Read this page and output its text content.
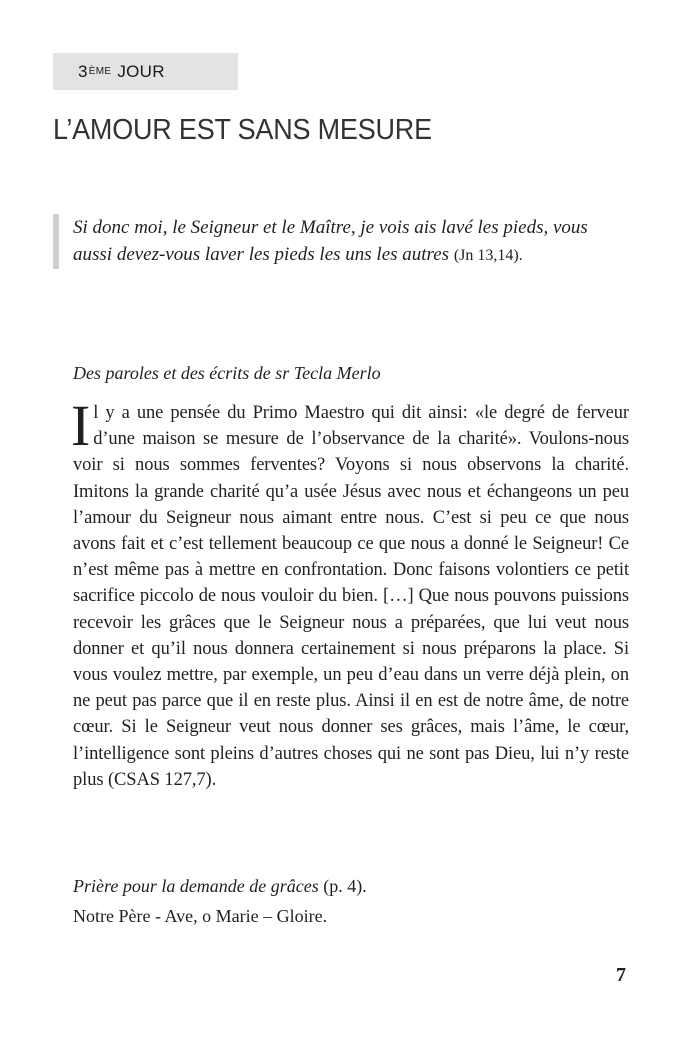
3 ÈME JOUR
L’AMOUR EST SANS MESURE
Si donc moi, le Seigneur et le Maître, je vois ais lavé les pieds, vous aussi devez-vous laver les pieds les uns les autres (Jn 13,14).
Des paroles et des écrits de sr Tecla Merlo
Il y a une pensée du Primo Maestro qui dit ainsi: «le degré de ferveur d’une maison se mesure de l’observance de la charité». Voulons-nous voir si nous sommes ferventes? Voyons si nous observons la charité. Imitons la grande charité qu’a usée Jésus avec nous et échangeons un peu l’amour du Seigneur nous aimant entre nous. C’est si peu ce que nous avons fait et c’est tellement beaucoup ce que nous a donné le Seigneur! Ce n’est même pas à mettre en confrontation. Donc faisons volontiers ce petit sacrifice piccolo de nous vouloir du bien. […] Que nous pouvons puissions recevoir les grâces que le Seigneur nous a préparées, que lui veut nous donner et qu’il nous donnera certainement si nous préparons la place. Si vous voulez mettre, par exemple, un peu d’eau dans un verre déjà plein, on ne peut pas parce que il en reste plus. Ainsi il en est de notre âme, de notre cœur. Si le Seigneur veut nous donner ses grâces, mais l’âme, le cœur, l’intelligence sont pleins d’autres choses qui ne sont pas Dieu, lui n’y reste plus (CSAS 127,7).
Prière pour la demande de grâces (p. 4).
Notre Père - Ave, o Marie – Gloire.
7
